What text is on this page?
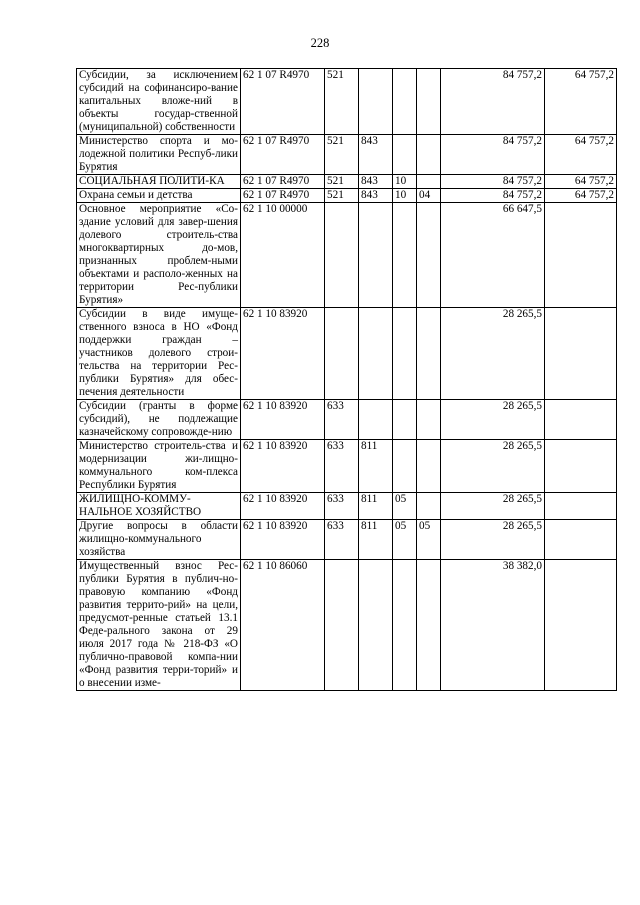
228
Субсидии, за исключением субсидий на софинансиро-вание капитальных вложе-ний в объекты государ-ственной (муниципальной) собственности	62 1 07 R4970	521				84 757,2	64 757,2
Министерство спорта и мо-лодежной политики Респуб-лики Бурятия	62 1 07 R4970	521	843			84 757,2	64 757,2
СОЦИАЛЬНАЯ ПОЛИТИ-КА	62 1 07 R4970	521	843	10		84 757,2	64 757,2
Охрана семьи и детства	62 1 07 R4970	521	843	10	04	84 757,2	64 757,2
Основное мероприятие «Со-здание условий для завер-шения долевого строитель-ства многоквартирных до-мов, признанных проблем-ными объектами и располо-женных на территории Рес-публики Бурятия»	62 1 10 00000					66 647,5	
Субсидии в виде имуще-ственного взноса в НО «Фонд поддержки граждан – участников долевого строи-тельства на территории Рес-публики Бурятия» для обес-печения деятельности	62 1 10 83920					28 265,5	
Субсидии (гранты в форме субсидий), не подлежащие казначейскому сопровожде-нию	62 1 10 83920	633				28 265,5	
Министерство строитель-ства и модернизации жи-лищно-коммунального ком-плекса Республики Бурятия	62 1 10 83920	633	811			28 265,5	
ЖИЛИЩНО-КОММУ-НАЛЬНОЕ ХОЗЯЙСТВО	62 1 10 83920	633	811	05		28 265,5	
Другие вопросы в области жилищно-коммунального хозяйства	62 1 10 83920	633	811	05	05	28 265,5	
Имущественный взнос Рес-публики Бурятия в публич-но-правовую компанию «Фонд развития террито-рий» на цели, предусмот-ренные статьей 13.1 Феде-рального закона от 29 июля 2017 года № 218-ФЗ «О публично-правовой компа-нии «Фонд развития терри-торий» и о внесении изме-	62 1 10 86060					38 382,0	
